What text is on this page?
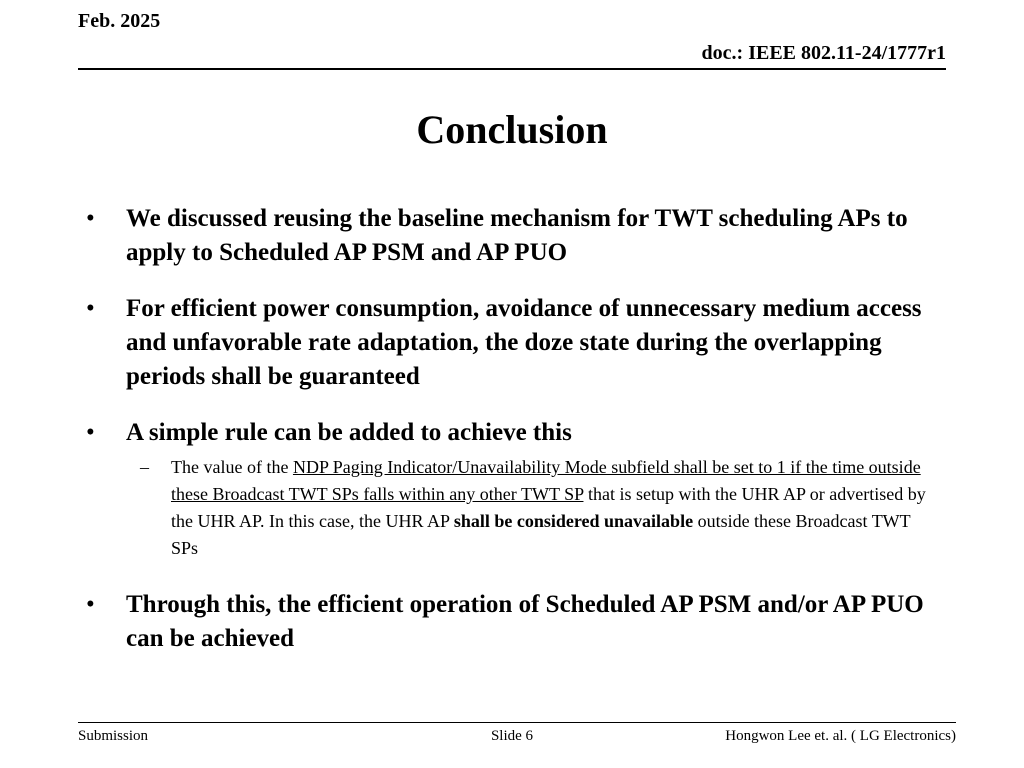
Feb. 2025
doc.: IEEE 802.11-24/1777r1
Conclusion
• We discussed reusing the baseline mechanism for TWT scheduling APs to apply to Scheduled AP PSM and AP PUO
• For efficient power consumption, avoidance of unnecessary medium access and unfavorable rate adaptation, the doze state during the overlapping periods shall be guaranteed
• A simple rule can be added to achieve this
– The value of the NDP Paging Indicator/Unavailability Mode subfield shall be set to 1 if the time outside these Broadcast TWT SPs falls within any other TWT SP that is setup with the UHR AP or advertised by the UHR AP. In this case, the UHR AP shall be considered unavailable outside these Broadcast TWT SPs
• Through this, the efficient operation of Scheduled AP PSM and/or AP PUO can be achieved
Submission	Slide 6	Hongwon Lee et. al. ( LG Electronics)
